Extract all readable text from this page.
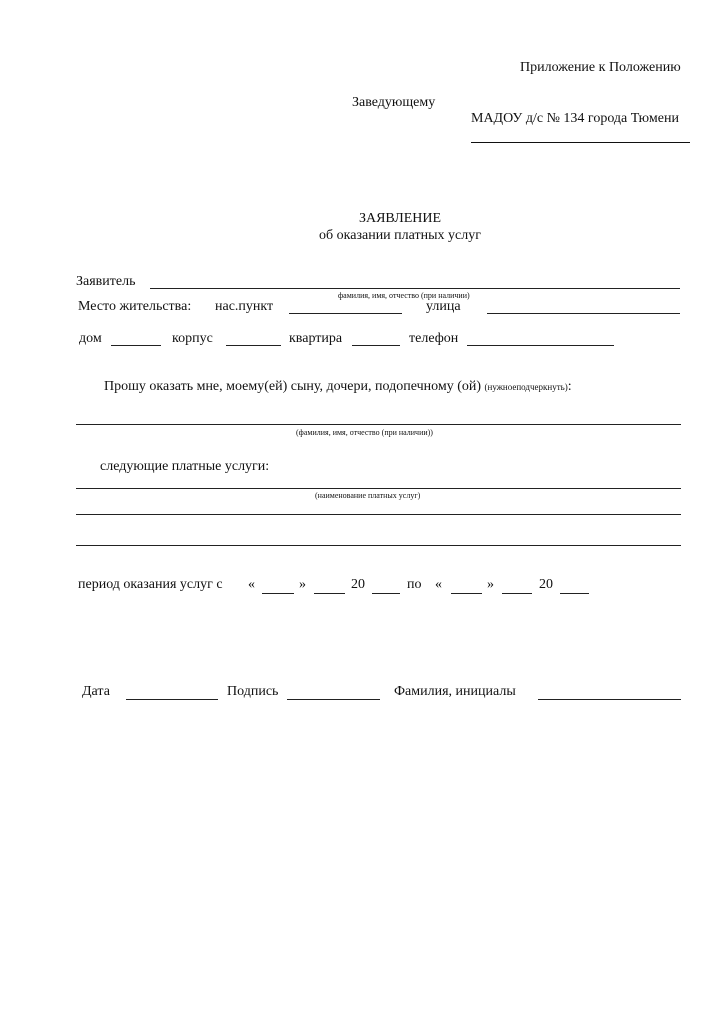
Приложение к Положению
Заведующему
МАДОУ д/с № 134 города Тюмени
ЗАЯВЛЕНИЕ
об оказании платных услуг
Заявитель
фамилия, имя, отчество (при наличии)
Место жительства: нас.пункт	улица
дом	корпус	квартира	телефон
Прошу оказать мне, моему(ей) сыну, дочери, подопечному (ой) (нужноеподчеркнуть):
(фамилия, имя, отчество (при наличии))
следующие платные услуги:
(наименование платных услуг)
период оказания услуг с «	»	20	по «	»	20
Дата	Подпись	Фамилия, инициалы
